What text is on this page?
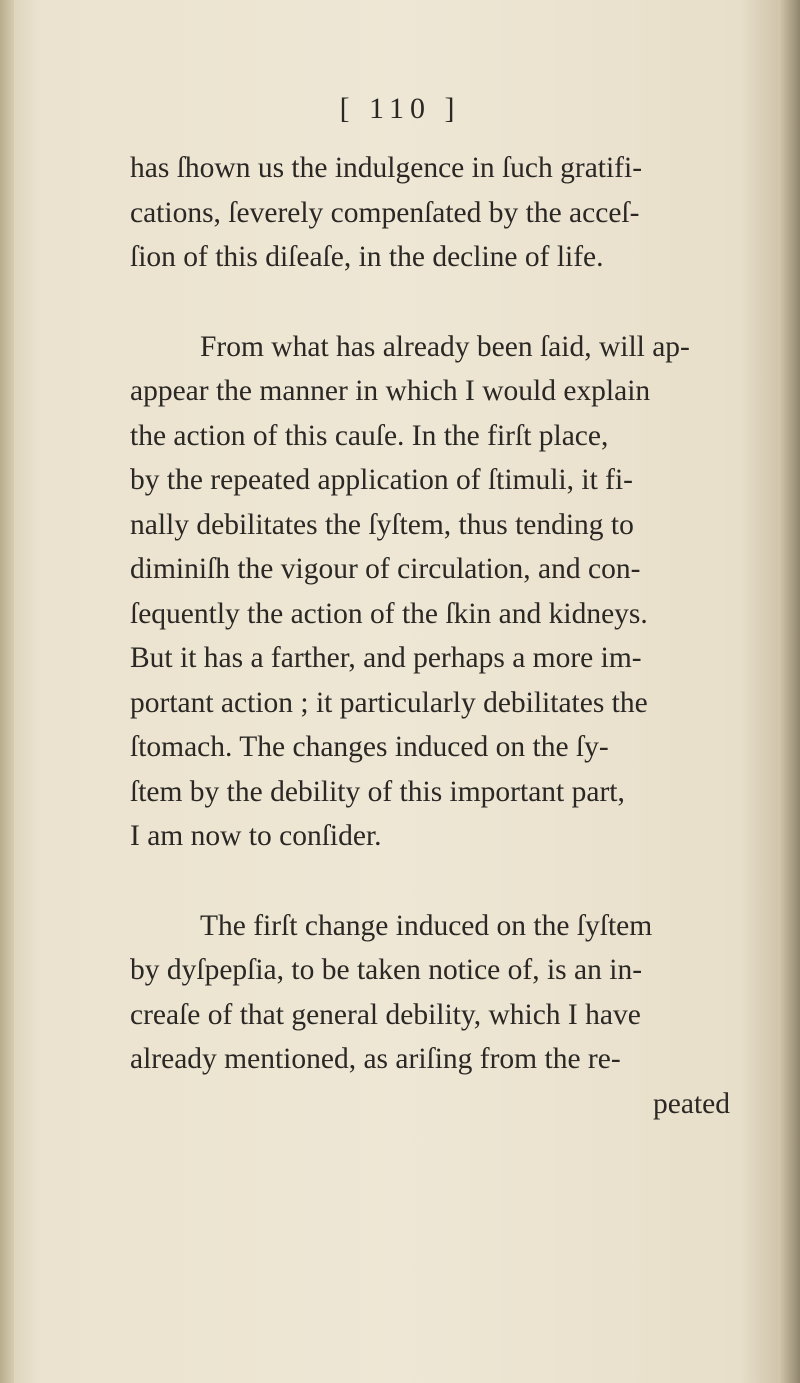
[ 110 ]
has ſhown us the indulgence in ſuch gratifi-
cations, ſeverely compenſated by the acceſ-
ſion of this diſeaſe, in the decline of life.
From what has already been ſaid, will ap-
appear the manner in which I would explain
the action of this cauſe. In the firſt place,
by the repeated application of ſtimuli, it fi-
nally debilitates the ſyſtem, thus tending to
diminiſh the vigour of circulation, and con-
ſequently the action of the ſkin and kidneys.
But it has a farther, and perhaps a more im-
portant action ; it particularly debilitates the
ſtomach. The changes induced on the ſy-
ſtem by the debility of this important part,
I am now to conſider.
The firſt change induced on the ſyſtem
by dyſpepſia, to be taken notice of, is an in-
creaſe of that general debility, which I have
already mentioned, as ariſing from the re-
peated
